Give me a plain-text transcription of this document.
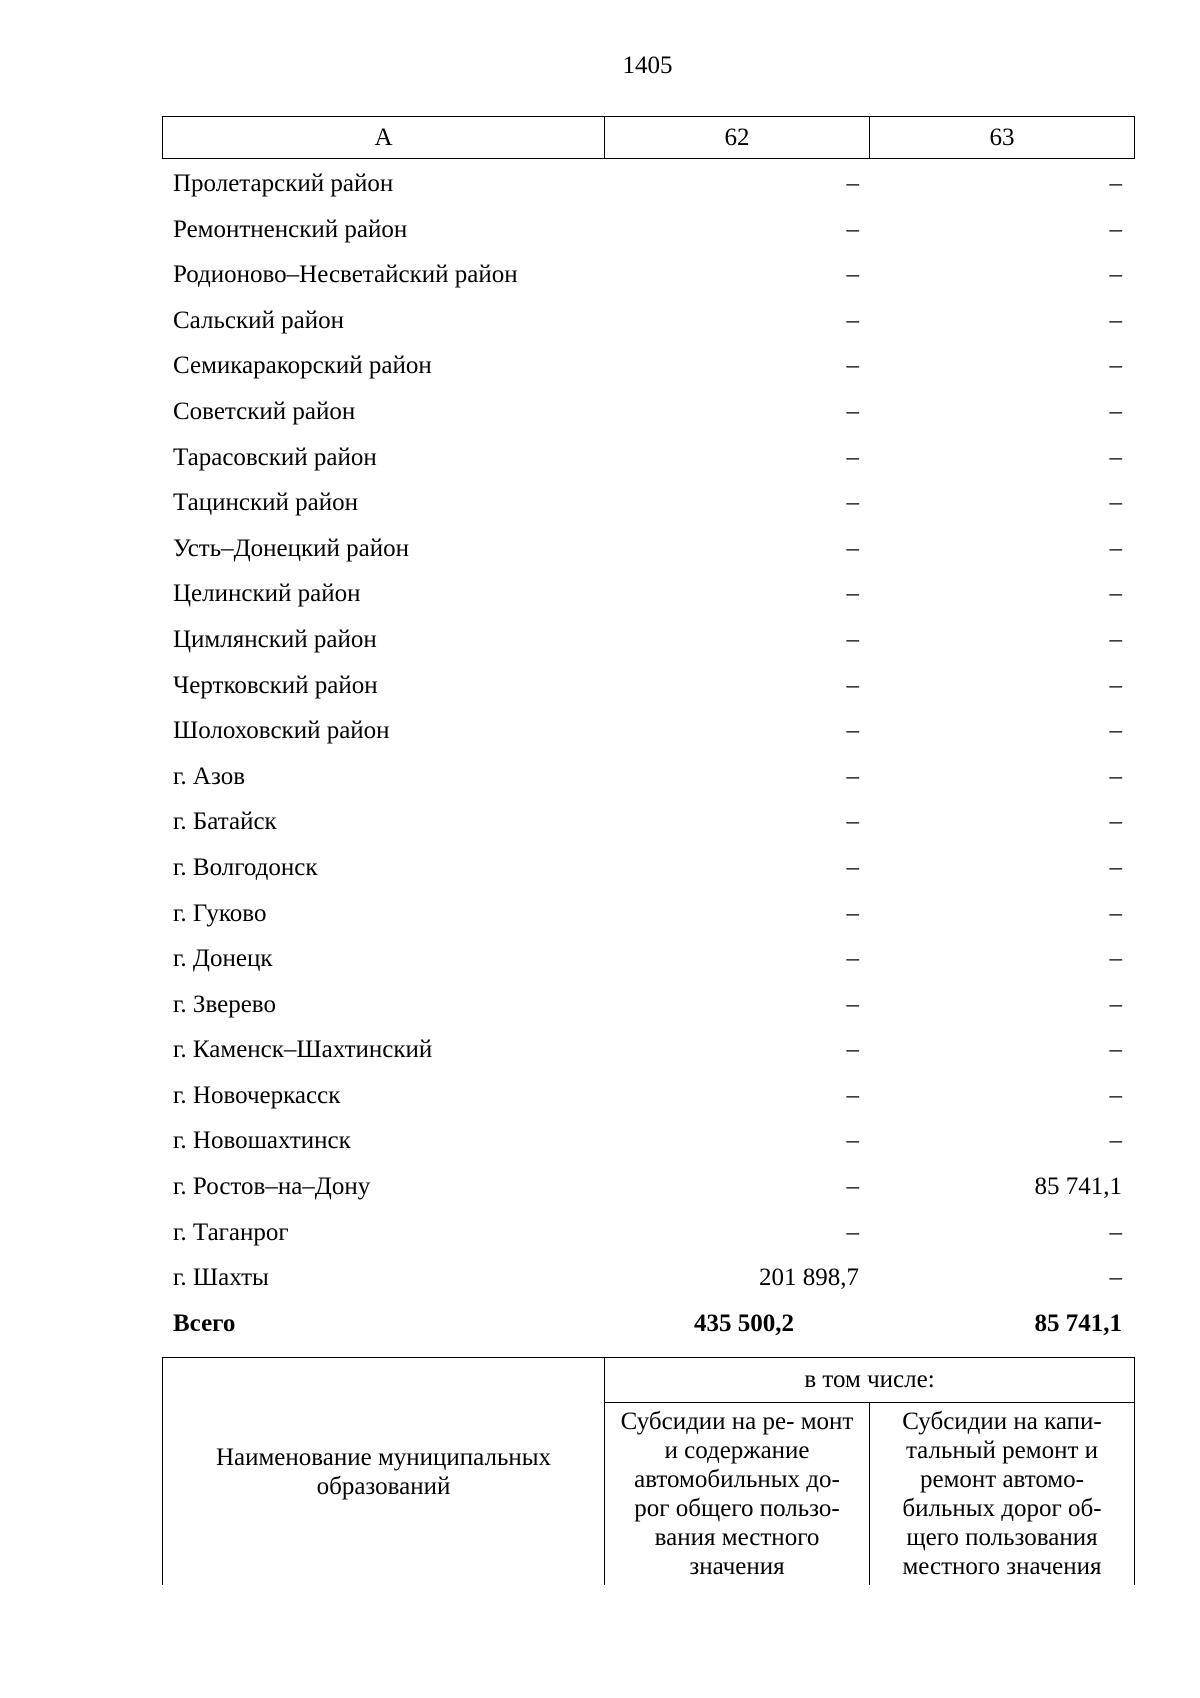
1405
А	62	63
Пролетарский район	–	–
Ремонтненский район	–	–
Родионово–Несветайский район	–	–
Сальский район	–	–
Семикаракорский район	–	–
Советский район	–	–
Тарасовский район	–	–
Тацинский район	–	–
Усть–Донецкий район	–	–
Целинский район	–	–
Цимлянский район	–	–
Чертковский район	–	–
Шолоховский район	–	–
г. Азов	–	–
г. Батайск	–	–
г. Волгодонск	–	–
г. Гуково	–	–
г. Донецк	–	–
г. Зверево	–	–
г. Каменск–Шахтинский	–	–
г. Новочеркасск	–	–
г. Новошахтинск	–	–
г. Ростов–на–Дону	–	85 741,1
г. Таганрог	–	–
г. Шахты	201 898,7	–
Всего	435 500,2	85 741,1
Наименование муниципальных образований	в том числе:	
	Субсидии на ре- монт и содержание автомобильных до- рог общего пользо- вания местного значения	Субсидии на капи- тальный ремонт и ремонт автомо- бильных дорог об- щего пользования местного значения
